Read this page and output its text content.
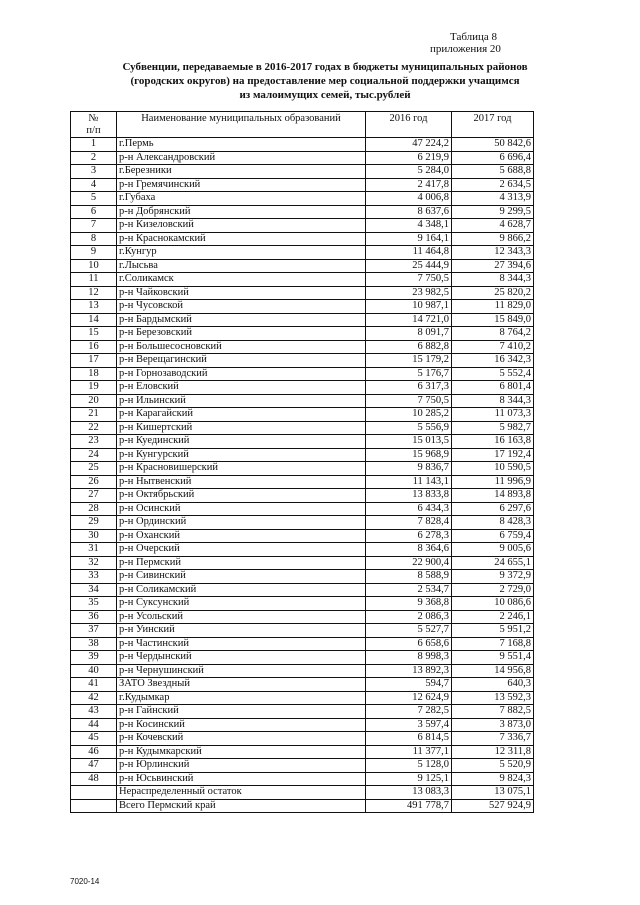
Таблица 8
приложения 20
Субвенции, передаваемые в 2016-2017 годах в бюджеты муниципальных районов
(городских округов) на предоставление мер социальной поддержки учащимся
из малоимущих семей, тыс.рублей
№
п/п	Наименование муниципальных образований	2016 год	2017 год
1	г.Пермь	47 224,2	50 842,6
2	р-н Александровский	6 219,9	6 696,4
3	г.Березники	5 284,0	5 688,8
4	р-н Гремячинский	2 417,8	2 634,5
5	г.Губаха	4 006,8	4 313,9
6	р-н Добрянский	8 637,6	9 299,5
7	р-н Кизеловский	4 348,1	4 628,7
8	р-н Краснокамский	9 164,1	9 866,2
9	г.Кунгур	11 464,8	12 343,3
10	г.Лысьва	25 444,9	27 394,6
11	г.Соликамск	7 750,5	8 344,3
12	р-н Чайковский	23 982,5	25 820,2
13	р-н Чусовской	10 987,1	11 829,0
14	р-н Бардымский	14 721,0	15 849,0
15	р-н Березовский	8 091,7	8 764,2
16	р-н Большесосновский	6 882,8	7 410,2
17	р-н Верещагинский	15 179,2	16 342,3
18	р-н Горнозаводский	5 176,7	5 552,4
19	р-н Еловский	6 317,3	6 801,4
20	р-н Ильинский	7 750,5	8 344,3
21	р-н Карагайский	10 285,2	11 073,3
22	р-н Кишертский	5 556,9	5 982,7
23	р-н Куединский	15 013,5	16 163,8
24	р-н Кунгурский	15 968,9	17 192,4
25	р-н Красновишерский	9 836,7	10 590,5
26	р-н Нытвенский	11 143,1	11 996,9
27	р-н Октябрьский	13 833,8	14 893,8
28	р-н Осинский	6 434,3	6 297,6
29	р-н Ординский	7 828,4	8 428,3
30	р-н Оханский	6 278,3	6 759,4
31	р-н Очерский	8 364,6	9 005,6
32	р-н Пермский	22 900,4	24 655,1
33	р-н Сивинский	8 588,9	9 372,9
34	р-н Соликамский	2 534,7	2 729,0
35	р-н Суксунский	9 368,8	10 086,6
36	р-н Усольский	2 086,3	2 246,1
37	р-н Уинский	5 527,7	5 951,2
38	р-н Частинский	6 658,6	7 168,8
39	р-н Чердынский	8 998,3	9 551,4
40	р-н Чернушинский	13 892,3	14 956,8
41	ЗАТО Звездный	594,7	640,3
42	г.Кудымкар	12 624,9	13 592,3
43	р-н Гайнский	7 282,5	7 882,5
44	р-н Косинский	3 597,4	3 873,0
45	р-н Кочевский	6 814,5	7 336,7
46	р-н Кудымкарский	11 377,1	12 311,8
47	р-н Юрлинский	5 128,0	5 520,9
48	р-н Юсьвинский	9 125,1	9 824,3
	Нераспределенный остаток	13 083,3	13 075,1
	Всего Пермский край	491 778,7	527 924,9
7020-14
